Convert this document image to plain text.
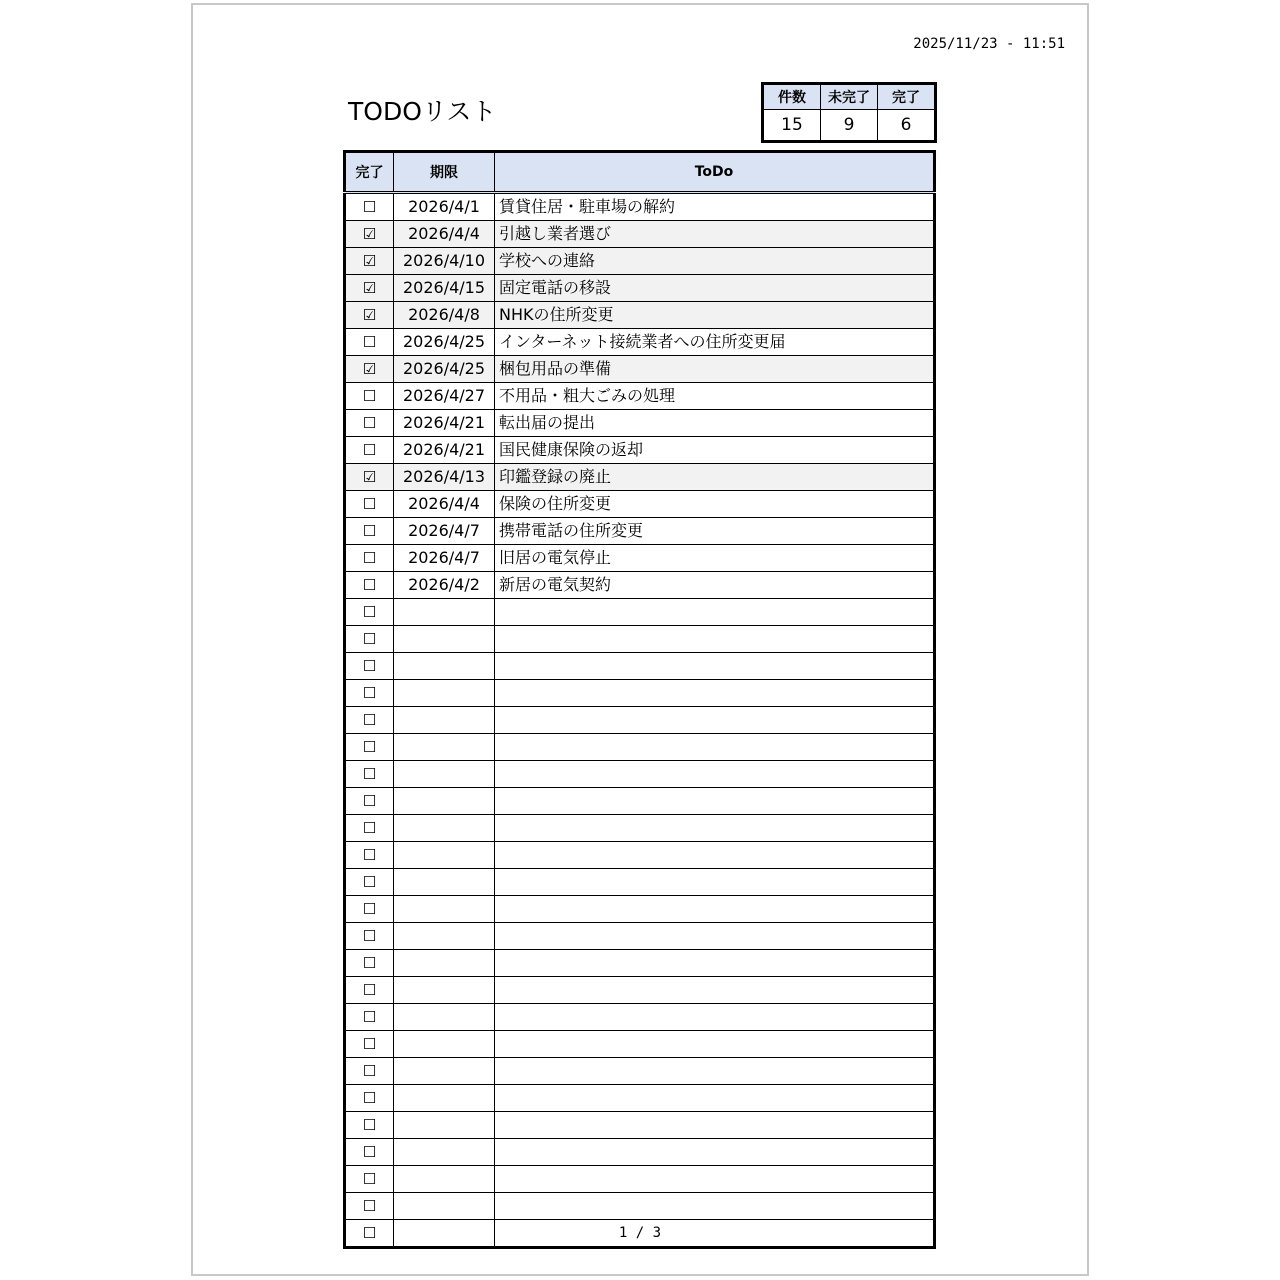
2025/11/23 - 11:51
TODOリスト	件数	未完了	完了
15	9	6
完了	期限	ToDo
☐	2026/4/1	賃貸住居・駐車場の解約
☑	2026/4/4	引越し業者選び
☑	2026/4/10	学校への連絡
☑	2026/4/15	固定電話の移設
☑	2026/4/8	NHKの住所変更
☐	2026/4/25	インターネット接続業者への住所変更届
☑	2026/4/25	梱包用品の準備
☐	2026/4/27	不用品・粗大ごみの処理
☐	2026/4/21	転出届の提出
☐	2026/4/21	国民健康保険の返却
☑	2026/4/13	印鑑登録の廃止
☐	2026/4/4	保険の住所変更
☐	2026/4/7	携帯電話の住所変更
☐	2026/4/7	旧居の電気停止
☐	2026/4/2	新居の電気契約
☐		
☐		
☐		
☐		
☐		
☐		
☐		
☐		
☐		
☐		
☐		
☐		
☐		
☐		
☐		
☐		
☐		
☐		
☐		
☐		
☐		
☐		
☐		
☐			1 / 3
